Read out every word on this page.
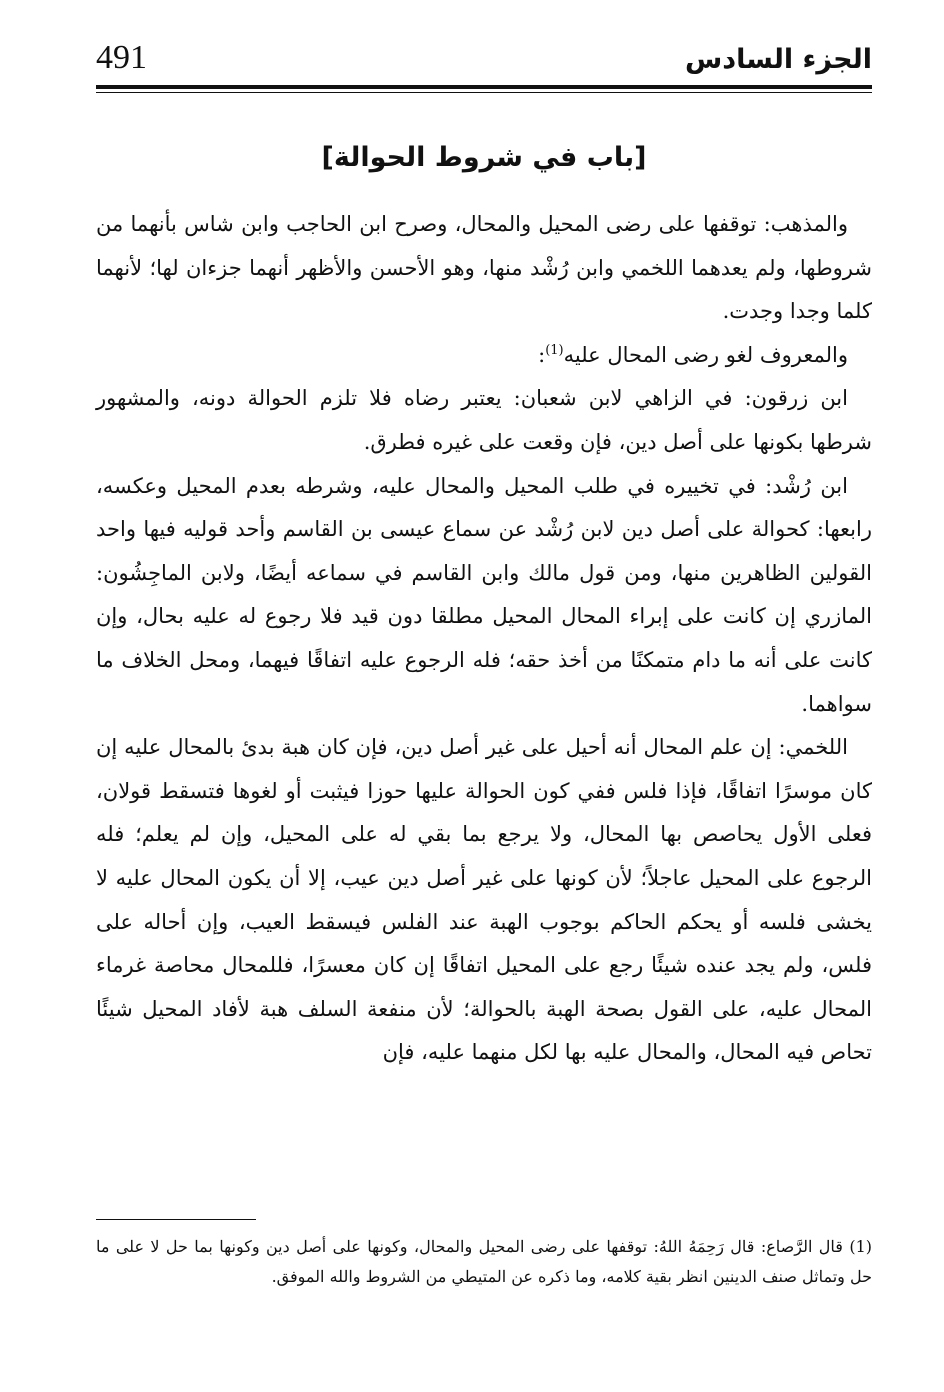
491	الجزء السادس
[باب في شروط الحوالة]

والمذهب: توقفها على رضى المحيل والمحال، وصرح ابن الحاجب وابن شاس بأنهما من شروطها، ولم يعدهما اللخمي وابن رُشْد منها، وهو الأحسن والأظهر أنهما جزءان لها؛ لأنهما كلما وجدا وجدت.

والمعروف لغو رضى المحال عليه$^{(1)}$:

ابن زرقون: في الزاهي لابن شعبان: يعتبر رضاه فلا تلزم الحوالة دونه، والمشهور شرطها بكونها على أصل دين، فإن وقعت على غيره فطرق.

ابن رُشْد: في تخييره في طلب المحيل والمحال عليه، وشرطه بعدم المحيل وعكسه، رابعها: كحوالة على أصل دين لابن رُشْد عن سماع عيسى بن القاسم وأحد قوليه فيها واحد القولين الظاهرين منها، ومن قول مالك وابن القاسم في سماعه أيضًا، ولابن الماجِشُون: المازري إن كانت على إبراء المحال المحيل مطلقا دون قيد فلا رجوع له عليه بحال، وإن كانت على أنه ما دام متمكنًا من أخذ حقه؛ فله الرجوع عليه اتفاقًا فيهما، ومحل الخلاف ما سواهما.

اللخمي: إن علم المحال أنه أحيل على غير أصل دين، فإن كان هبة بدئ بالمحال عليه إن كان موسرًا اتفاقًا، فإذا فلس ففي كون الحوالة عليها حوزا فيثبت أو لغوها فتسقط قولان، فعلى الأول يحاصص بها المحال، ولا يرجع بما بقي له على المحيل، وإن لم يعلم؛ فله الرجوع على المحيل عاجلاً؛ لأن كونها على غير أصل دين عيب، إلا أن يكون المحال عليه لا يخشى فلسه أو يحكم الحاكم بوجوب الهبة عند الفلس فيسقط العيب، وإن أحاله على فلس، ولم يجد عنده شيئًا رجع على المحيل اتفاقًا إن كان معسرًا، فللمحال محاصة غرماء المحال عليه، على القول بصحة الهبة بالحوالة؛ لأن منفعة السلف هبة لأفاد المحيل شيئًا تحاص فيه المحال، والمحال عليه بها لكل منهما عليه، فإن

(1) قال الرَّصاع: قال رَحِمَهُ اللهُ: توقفها على رضى المحيل والمحال، وكونها على أصل دين وكونها بما حل لا على ما حل وتماثل صنف الدينين انظر بقية كلامه، وما ذكره عن المتيطي من الشروط والله الموفق.
